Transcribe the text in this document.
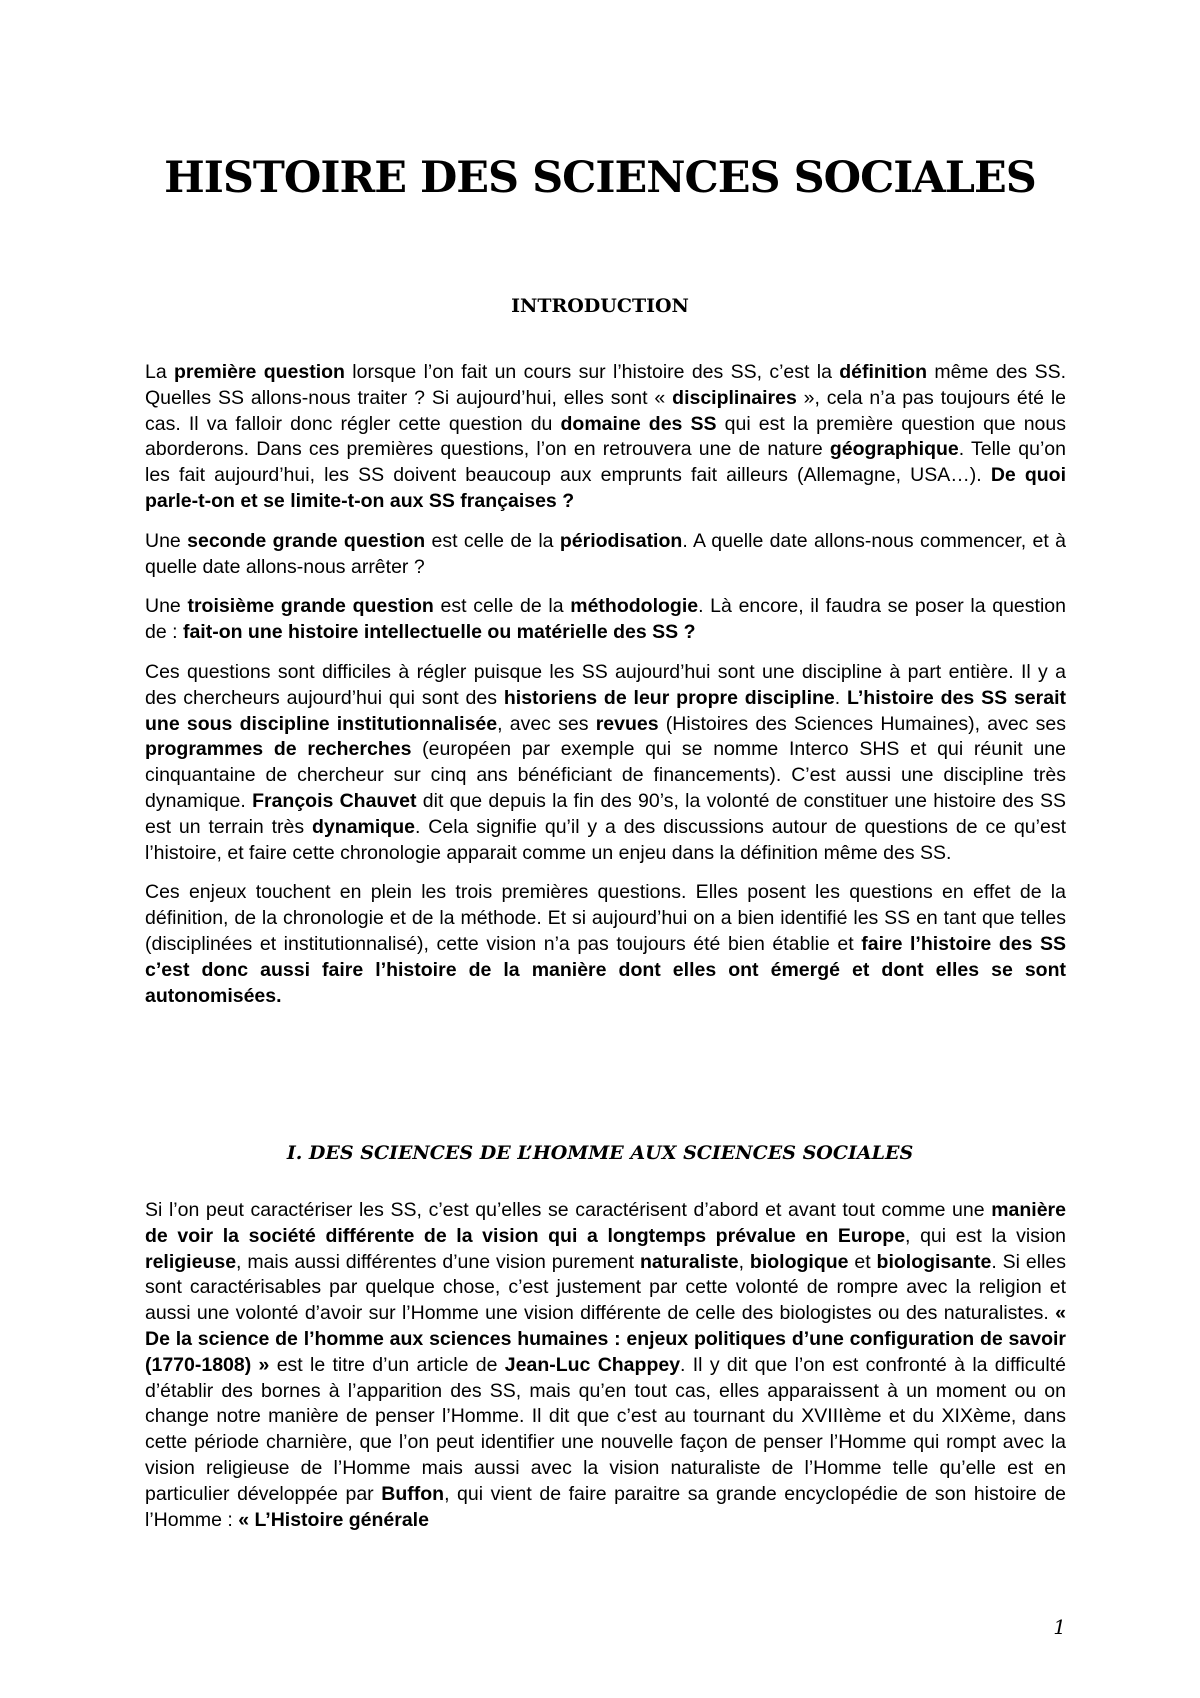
HISTOIRE DES SCIENCES SOCIALES
INTRODUCTION

La première question lorsque l’on fait un cours sur l’histoire des SS, c’est la définition même des SS. Quelles SS allons-nous traiter ? Si aujourd’hui, elles sont « disciplinaires », cela n’a pas toujours été le cas. Il va falloir donc régler cette question du domaine des SS qui est la première question que nous aborderons. Dans ces premières questions, l’on en retrouvera une de nature géographique. Telle qu’on les fait aujourd’hui, les SS doivent beaucoup aux emprunts fait ailleurs (Allemagne, USA…). De quoi parle-t-on et se limite-t-on aux SS françaises ?

Une seconde grande question est celle de la périodisation. A quelle date allons-nous commencer, et à quelle date allons-nous arrêter ?

Une troisième grande question est celle de la méthodologie. Là encore, il faudra se poser la question de : fait-on une histoire intellectuelle ou matérielle des SS ?

Ces questions sont difficiles à régler puisque les SS aujourd’hui sont une discipline à part entière. Il y a des chercheurs aujourd’hui qui sont des historiens de leur propre discipline. L’histoire des SS serait une sous discipline institutionnalisée, avec ses revues (Histoires des Sciences Humaines), avec ses programmes de recherches (européen par exemple qui se nomme Interco SHS et qui réunit une cinquantaine de chercheur sur cinq ans bénéficiant de financements). C’est aussi une discipline très dynamique. François Chauvet dit que depuis la fin des 90’s, la volonté de constituer une histoire des SS est un terrain très dynamique. Cela signifie qu’il y a des discussions autour de questions de ce qu’est l’histoire, et faire cette chronologie apparait comme un enjeu dans la définition même des SS.

Ces enjeux touchent en plein les trois premières questions. Elles posent les questions en effet de la définition, de la chronologie et de la méthode. Et si aujourd’hui on a bien identifié les SS en tant que telles (disciplinées et institutionnalisé), cette vision n’a pas toujours été bien établie et faire l’histoire des SS c’est donc aussi faire l’histoire de la manière dont elles ont émergé et dont elles se sont autonomisées.

I. DES SCIENCES DE L’HOMME AUX SCIENCES SOCIALES

Si l’on peut caractériser les SS, c’est qu’elles se caractérisent d’abord et avant tout comme une manière de voir la société différente de la vision qui a longtemps prévalue en Europe, qui est la vision religieuse, mais aussi différentes d’une vision purement naturaliste, biologique et biologisante. Si elles sont caractérisables par quelque chose, c’est justement par cette volonté de rompre avec la religion et aussi une volonté d’avoir sur l’Homme une vision différente de celle des biologistes ou des naturalistes. « De la science de l’homme aux sciences humaines : enjeux politiques d’une configuration de savoir (1770-1808) » est le titre d’un article de Jean-Luc Chappey. Il y dit que l’on est confronté à la difficulté d’établir des bornes à l’apparition des SS, mais qu’en tout cas, elles apparaissent à un moment ou on change notre manière de penser l’Homme. Il dit que c’est au tournant du XVIIIème et du XIXème, dans cette période charnière, que l’on peut identifier une nouvelle façon de penser l’Homme qui rompt avec la vision religieuse de l’Homme mais aussi avec la vision naturaliste de l’Homme telle qu’elle est en particulier développée par Buffon, qui vient de faire paraitre sa grande encyclopédie de son histoire de l’Homme : « L’Histoire générale

1
